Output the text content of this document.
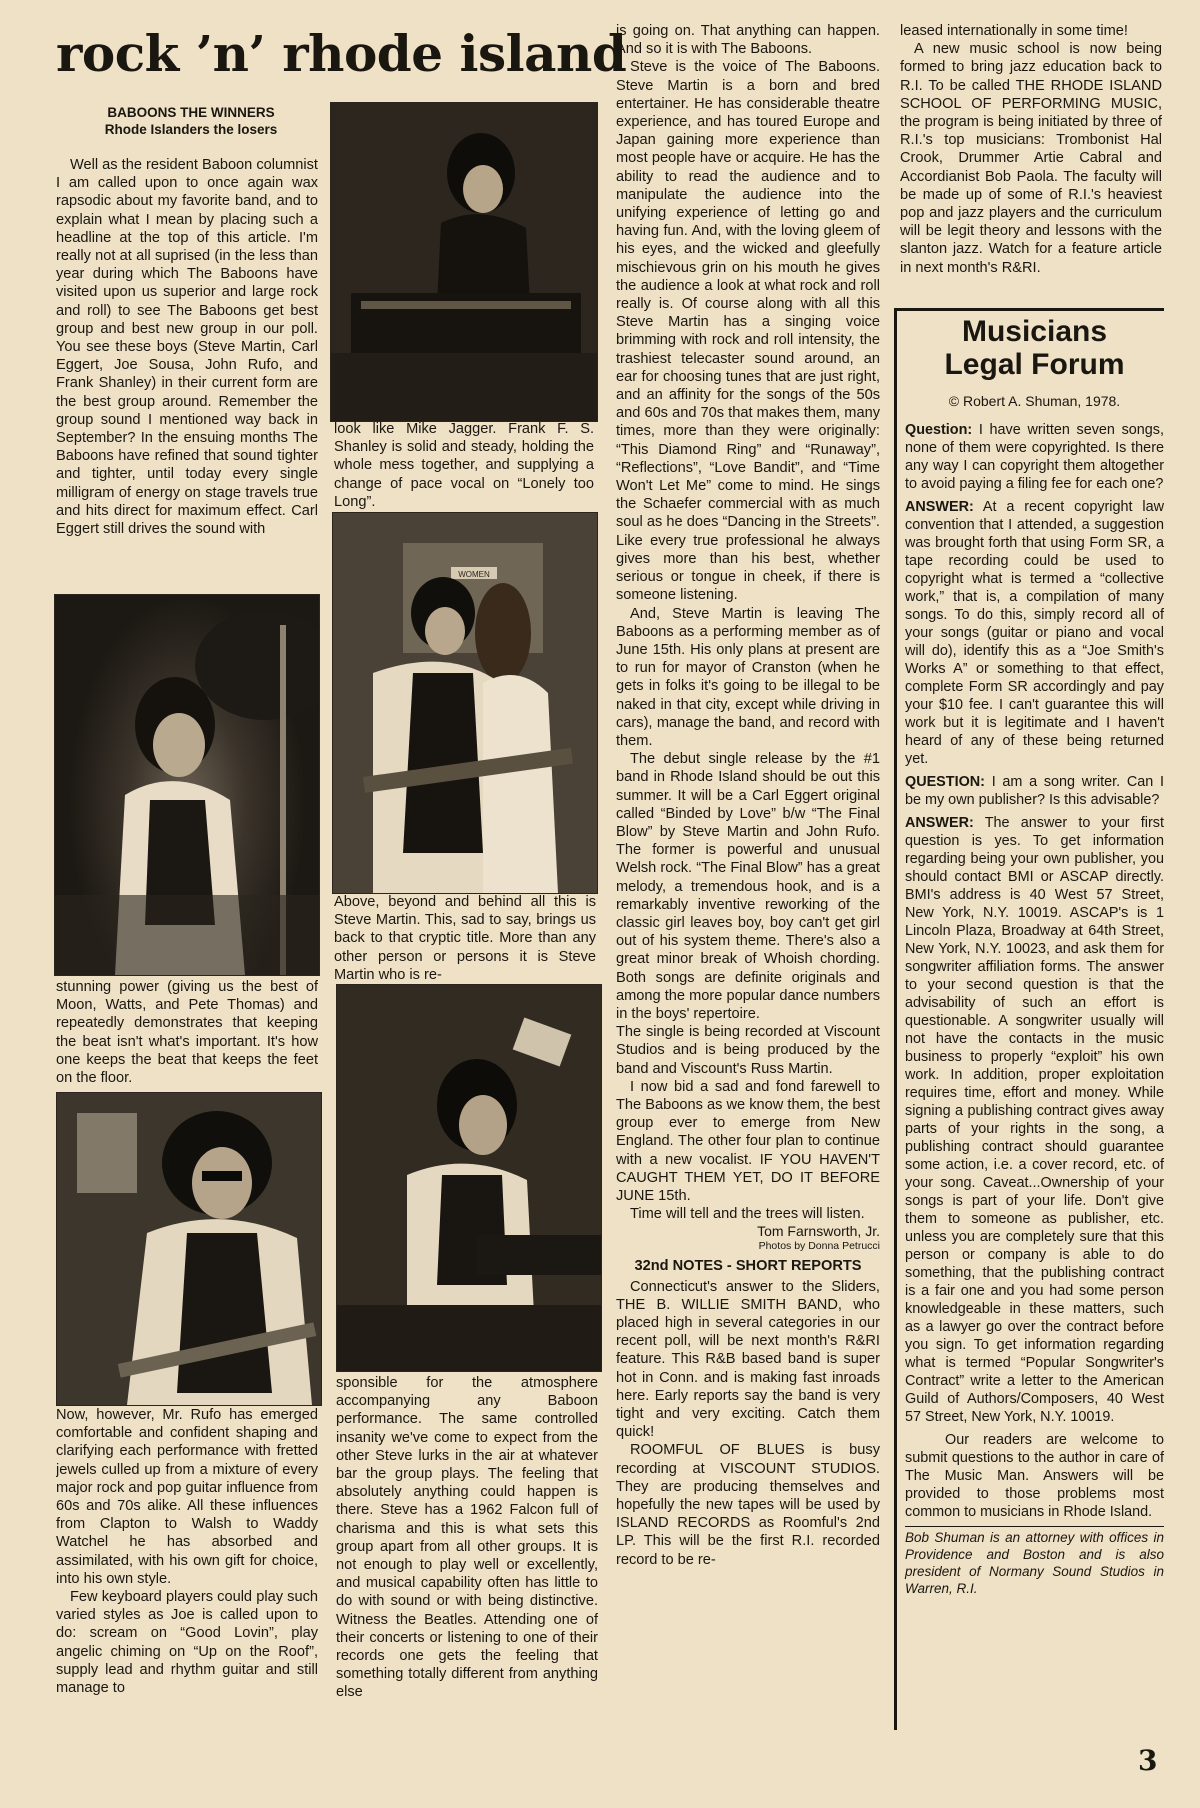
rock ’n’ rhode island
BABOONS THE WINNERS
Rhode Islanders the losers

Well as the resident Baboon columnist I am called upon to once again wax rapsodic about my favorite band, and to explain what I mean by placing such a headline at the top of this article. I'm really not at all suprised (in the less than year during which The Baboons have visited upon us superior and large rock and roll) to see The Baboons get best group and best new group in our poll. You see these boys (Steve Martin, Carl Eggert, Joe Sousa, John Rufo, and Frank Shanley) in their current form are the best group around. Remember the group sound I mentioned way back in September? In the ensuing months The Baboons have refined that sound tighter and tighter, until today every single milligram of energy on stage travels true and hits direct for maximum effect. Carl Eggert still drives the sound with

stunning power (giving us the best of Moon, Watts, and Pete Thomas) and repeatedly demonstrates that keeping the beat isn't what's important. It's how one keeps the beat that keeps the feet on the floor.

Now, however, Mr. Rufo has emerged comfortable and confident shaping and clarifying each performance with fretted jewels culled up from a mixture of every major rock and pop guitar influence from 60s and 70s alike. All these influences from Clapton to Walsh to Waddy Watchel he has absorbed and assimilated, with his own gift for choice, into his own style.

Few keyboard players could play such varied styles as Joe is called upon to do: scream on “Good Lovin”, play angelic chiming on “Up on the Roof”, supply lead and rhythm guitar and still manage to

look like Mike Jagger. Frank F. S. Shanley is solid and steady, holding the whole mess together, and supplying a change of pace vocal on “Lonely too Long”.
WOMEN
Above, beyond and behind all this is Steve Martin. This, sad to say, brings us back to that cryptic title. More than any other person or persons it is Steve Martin who is re-

sponsible for the atmosphere accompanying any Baboon performance. The same controlled insanity we've come to expect from the other Steve lurks in the air at whatever bar the group plays. The feeling that absolutely anything could happen is there. Steve has a 1962 Falcon full of charisma and this is what sets this group apart from all other groups. It is not enough to play well or excellently, and musical capability often has little to do with sound or with being distinctive. Witness the Beatles. Attending one of their concerts or listening to one of their records one gets the feeling that something totally different from anything else

is going on. That anything can happen. And so it is with The Baboons.

Steve is the voice of The Baboons. Steve Martin is a born and bred entertainer. He has considerable theatre experience, and has toured Europe and Japan gaining more experience than most people have or acquire. He has the ability to read the audience and to manipulate the audience into the unifying experience of letting go and having fun. And, with the loving gleem of his eyes, and the wicked and gleefully mischievous grin on his mouth he gives the audience a look at what rock and roll really is. Of course along with all this Steve Martin has a singing voice brimming with rock and roll intensity, the trashiest telecaster sound around, an ear for choosing tunes that are just right, and an affinity for the songs of the 50s and 60s and 70s that makes them, many times, more than they were originally: “This Diamond Ring” and “Runaway”, “Reflections”, “Love Bandit”, and “Time Won't Let Me” come to mind. He sings the Schaefer commercial with as much soul as he does “Dancing in the Streets”. Like every true professional he always gives more than his best, whether serious or tongue in cheek, if there is someone listening.

And, Steve Martin is leaving The Baboons as a performing member as of June 15th. His only plans at present are to run for mayor of Cranston (when he gets in folks it's going to be illegal to be naked in that city, except while driving in cars), manage the band, and record with them.

The debut single release by the #1 band in Rhode Island should be out this summer. It will be a Carl Eggert original called “Binded by Love” b/w “The Final Blow” by Steve Martin and John Rufo. The former is powerful and unusual Welsh rock. “The Final Blow” has a great melody, a tremendous hook, and is a remarkably inventive reworking of the classic girl leaves boy, boy can't get girl out of his system theme. There's also a great minor break of Whoish chording. Both songs are definite originals and among the more popular dance numbers in the boys' repertoire.

The single is being recorded at Viscount Studios and is being produced by the band and Viscount's Russ Martin.

I now bid a sad and fond farewell to The Baboons as we know them, the best group ever to emerge from New England. The other four plan to continue with a new vocalist. IF YOU HAVEN'T CAUGHT THEM YET, DO IT BEFORE JUNE 15th.

Time will tell and the trees will listen.

Tom Farnsworth, Jr.
Photos by Donna Petrucci
32nd NOTES - SHORT REPORTS

Connecticut's answer to the Sliders, THE B. WILLIE SMITH BAND, who placed high in several categories in our recent poll, will be next month's R&RI feature. This R&B based band is super hot in Conn. and is making fast inroads here. Early reports say the band is very tight and very exciting. Catch them quick!

ROOMFUL OF BLUES is busy recording at VISCOUNT STUDIOS. They are producing themselves and hopefully the new tapes will be used by ISLAND RECORDS as Roomful's 2nd LP. This will be the first R.I. recorded record to be re-

leased internationally in some time!

A new music school is now being formed to bring jazz education back to R.I. To be called THE RHODE ISLAND SCHOOL OF PERFORMING MUSIC, the program is being initiated by three of R.I.'s top musicians: Trombonist Hal Crook, Drummer Artie Cabral and Accordianist Bob Paola. The faculty will be made up of some of R.I.'s heaviest pop and jazz players and the curriculum will be legit theory and lessons with the slanton jazz. Watch for a feature article in next month's R&RI.

Musicians
Legal Forum
© Robert A. Shuman, 1978.

Question: I have written seven songs, none of them were copyrighted. Is there any way I can copyright them altogether to avoid paying a filing fee for each one?

ANSWER: At a recent copyright law convention that I attended, a suggestion was brought forth that using Form SR, a tape recording could be used to copyright what is termed a “collective work,” that is, a compilation of many songs. To do this, simply record all of your songs (guitar or piano and vocal will do), identify this as a “Joe Smith's Works A” or something to that effect, complete Form SR accordingly and pay your $10 fee. I can't guarantee this will work but it is legitimate and I haven't heard of any of these being returned yet.

QUESTION: I am a song writer. Can I be my own publisher? Is this advisable?

ANSWER: The answer to your first question is yes. To get information regarding being your own publisher, you should contact BMI or ASCAP directly. BMI's address is 40 West 57 Street, New York, N.Y. 10019. ASCAP's is 1 Lincoln Plaza, Broadway at 64th Street, New York, N.Y. 10023, and ask them for songwriter affiliation forms. The answer to your second question is that the advisability of such an effort is questionable. A songwriter usually will not have the contacts in the music business to properly “exploit” his own work. In addition, proper exploitation requires time, effort and money. While signing a publishing contract gives away parts of your rights in the song, a publishing contract should guarantee some action, i.e. a cover record, etc. of your song. Caveat...Ownership of your songs is part of your life. Don't give them to someone as publisher, etc. unless you are completely sure that this person or company is able to do something, that the publishing contract is a fair one and you had some person knowledgeable in these matters, such as a lawyer go over the contract before you sign. To get information regarding what is termed “Popular Songwriter's Contract” write a letter to the American Guild of Authors/Composers, 40 West 57 Street, New York, N.Y. 10019.

Our readers are welcome to submit questions to the author in care of The Music Man. Answers will be provided to those problems most common to musicians in Rhode Island.

Bob Shuman is an attorney with offices in Providence and Boston and is also president of Normany Sound Studios in Warren, R.I.
3
